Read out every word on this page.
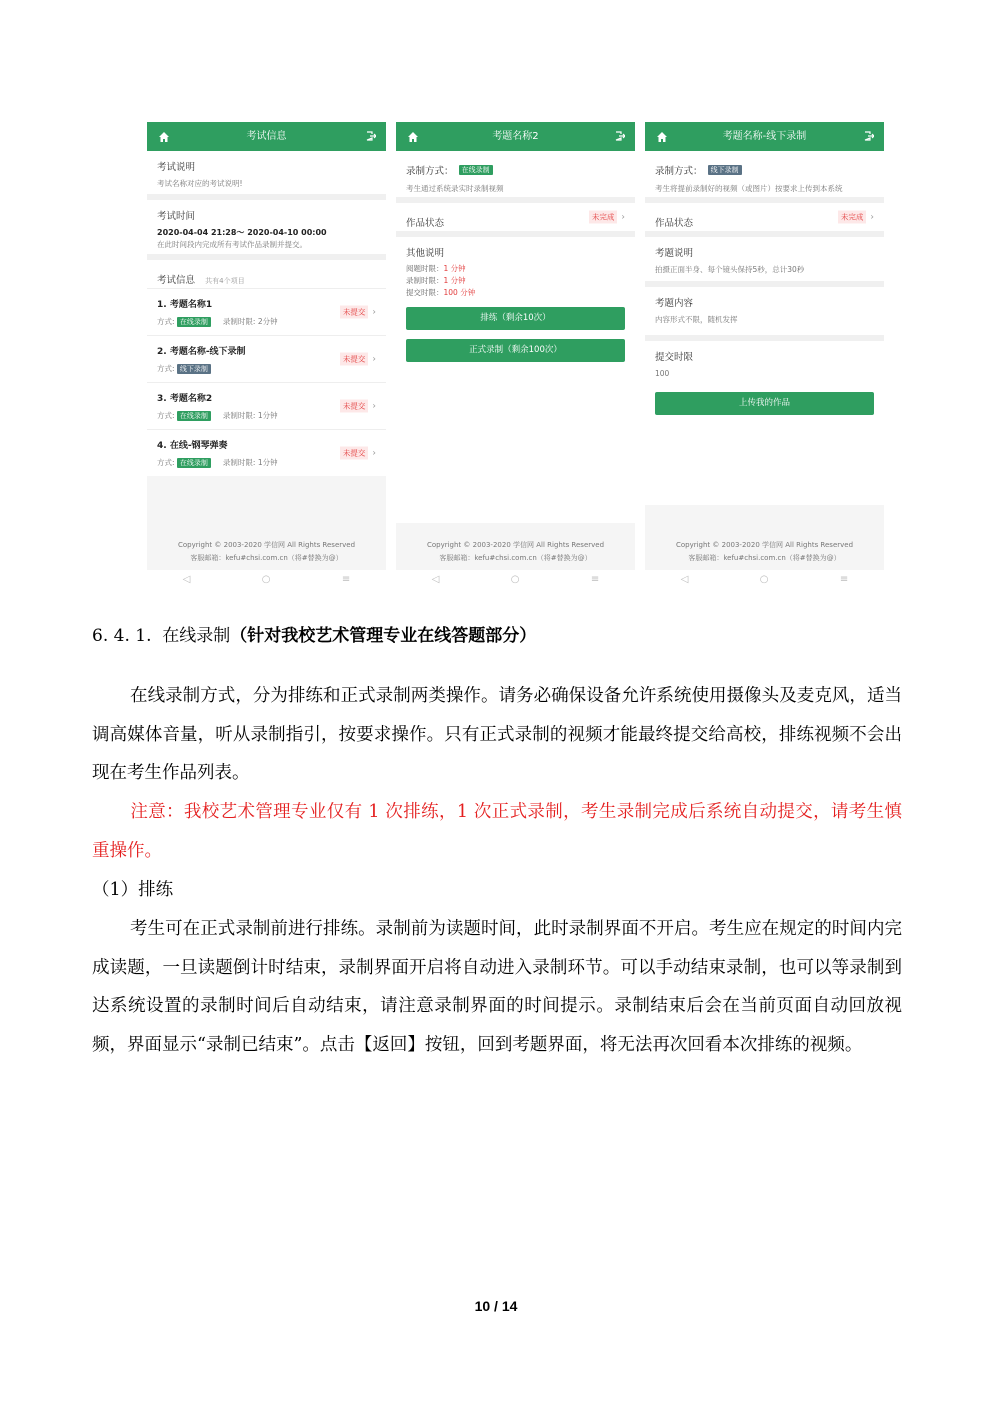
考试信息
考试说明
考试名称对应的考试说明!
考试时间
2020-04-04 21:28～ 2020-04-10 00:00
在此时间段内完成所有考试作品录制并提交。
考试信息 共有4个项目
1. 考题名称1
方式: 在线录制 录制时限: 2分钟
未提交 ›
2. 考题名称-线下录制
方式: 线下录制
未提交 ›
3. 考题名称2
方式: 在线录制 录制时限: 1分钟
未提交 ›
4. 在线-钢琴弹奏
方式: 在线录制 录制时限: 1分钟
未提交 ›
Copyright © 2003-2020 学信网 All Rights Reserved
客服邮箱：kefu#chsi.com.cn（将#替换为@）
考题名称2
录制方式： 在线录制
考生通过系统录实时录制视频
作品状态
未完成 ›
其他说明
阅题时限：1 分钟
录制时限：1 分钟
提交时限：100 分钟
排练（剩余10次）
正式录制（剩余100次）
Copyright © 2003-2020 学信网 All Rights Reserved
客服邮箱：kefu#chsi.com.cn（将#替换为@）
考题名称-线下录制
录制方式： 线下录制
考生将提前录制好的视频（或图片）按要求上传到本系统
作品状态
未完成 ›
考题说明
拍摄正面半身、每个镜头保持5秒，总计30秒
考题内容
内容形式不限，随机发挥
提交时限
100
上传我的作品
Copyright © 2003-2020 学信网 All Rights Reserved
客服邮箱：kefu#chsi.com.cn（将#替换为@）
◁	○	≡	◁	○	≡	◁	○	≡
6. 4. 1. 在线录制（针对我校艺术管理专业在线答题部分）
在线录制方式，分为排练和正式录制两类操作。请务必确保设备允许系统使用摄像头及麦克风，适当调高媒体音量，听从录制指引，按要求操作。只有正式录制的视频才能最终提交给高校，排练视频不会出现在考生作品列表。
注意：我校艺术管理专业仅有 1 次排练，1 次正式录制，考生录制完成后系统自动提交，请考生慎重操作。
（1）排练
考生可在正式录制前进行排练。录制前为读题时间，此时录制界面不开启。考生应在规定的时间内完成读题，一旦读题倒计时结束，录制界面开启将自动进入录制环节。可以手动结束录制，也可以等录制到达系统设置的录制时间后自动结束，请注意录制界面的时间提示。录制结束后会在当前页面自动回放视频，界面显示“录制已结束”。点击【返回】按钮，回到考题界面，将无法再次回看本次排练的视频。
10 / 14
